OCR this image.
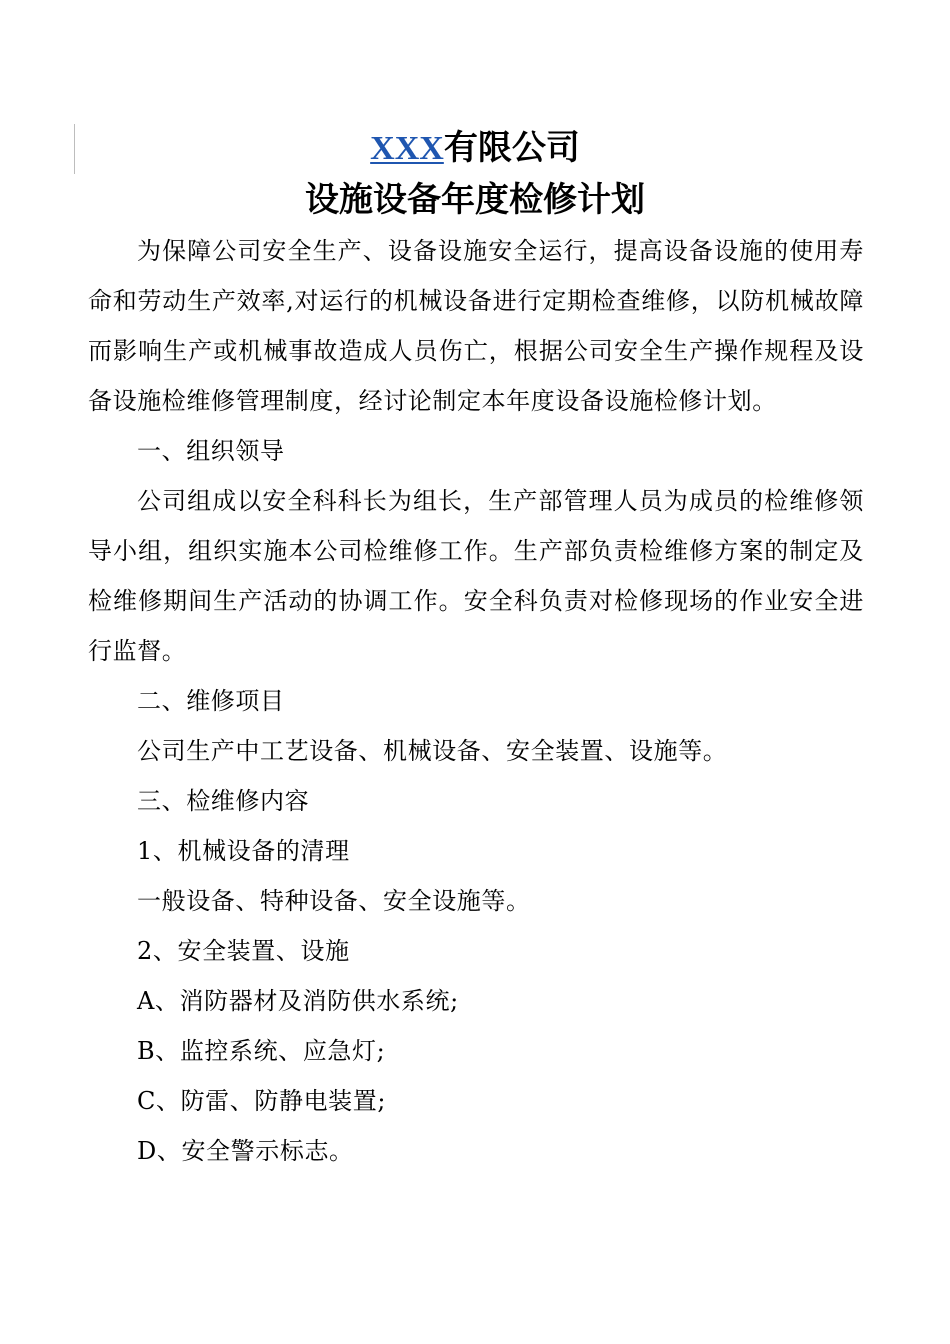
XXX有限公司
设施设备年度检修计划

为保障公司安全生产、设备设施安全运行，提高设备设施的使用寿命和劳动生产效率,对运行的机械设备进行定期检查维修，以防机械故障而影响生产或机械事故造成人员伤亡，根据公司安全生产操作规程及设备设施检维修管理制度，经讨论制定本年度设备设施检修计划。

一、组织领导

公司组成以安全科科长为组长，生产部管理人员为成员的检维修领导小组，组织实施本公司检维修工作。生产部负责检维修方案的制定及检维修期间生产活动的协调工作。安全科负责对检修现场的作业安全进行监督。

二、维修项目

公司生产中工艺设备、机械设备、安全装置、设施等。

三、检维修内容

1、机械设备的清理

一般设备、特种设备、安全设施等。

2、安全装置、设施

A、消防器材及消防供水系统;

B、监控系统、应急灯;

C、防雷、防静电装置;

D、安全警示标志。
